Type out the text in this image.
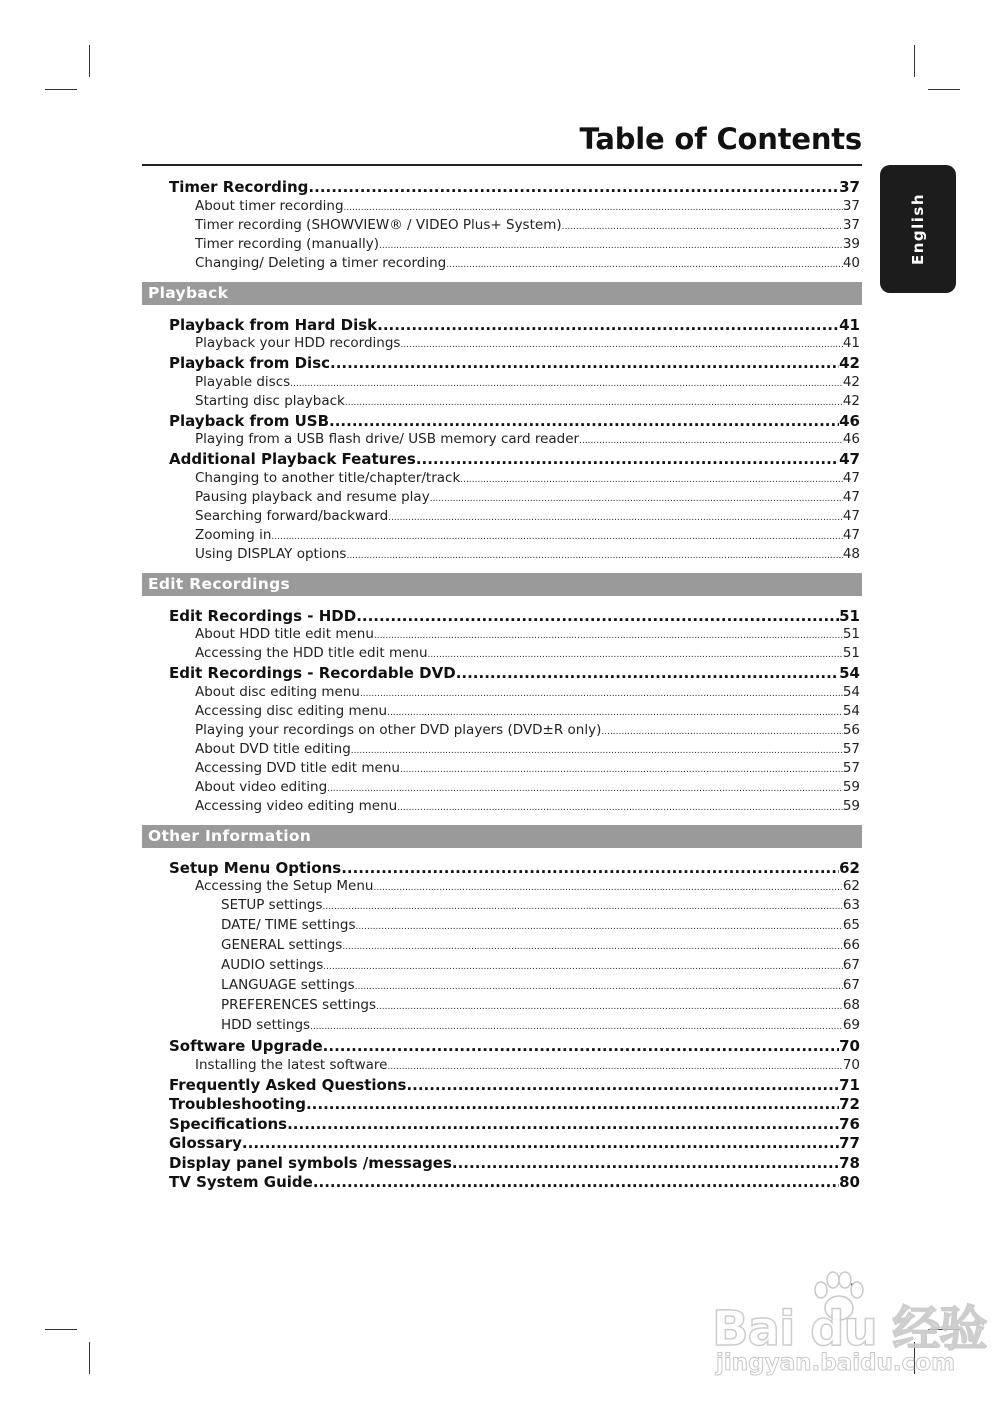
Table of Contents
English
Timer Recording .....	37
About timer recording .....	37
Timer recording (SHOWVIEW® / VIDEO Plus+ System) .....	37
Timer recording (manually) .....	39
Changing/ Deleting a timer recording .....	40
Playback
Playback from Hard Disk .....	41
Playback your HDD recordings .....	41
Playback from Disc .....	42
Playable discs .....	42
Starting disc playback .....	42
Playback from USB .....	46
Playing from a USB flash drive/ USB memory card reader .....	46
Additional Playback Features .....	47
Changing to another title/chapter/track .....	47
Pausing playback and resume play .....	47
Searching forward/backward .....	47
Zooming in .....	47
Using DISPLAY options .....	48
Edit Recordings
Edit Recordings - HDD .....	51
About HDD title edit menu .....	51
Accessing the HDD title edit menu .....	51
Edit Recordings - Recordable DVD .....	54
About disc editing menu .....	54
Accessing disc editing menu .....	54
Playing your recordings on other DVD players (DVD±R only) .....	56
About DVD title editing .....	57
Accessing DVD title edit menu .....	57
About video editing .....	59
Accessing video editing menu .....	59
Other Information
Setup Menu Options .....	62
Accessing the Setup Menu .....	62
SETUP settings .....	63
DATE/ TIME settings .....	65
GENERAL settings .....	66
AUDIO settings .....	67
LANGUAGE settings .....	67
PREFERENCES settings .....	68
HDD settings .....	69
Software Upgrade .....	70
Installing the latest software .....	70
Frequently Asked Questions .....	71
Troubleshooting .....	72
Specifications .....	76
Glossary .....	77
Display panel symbols /messages .....	78
TV System Guide .....	80
Bai du 经验
jingyan.baidu.com
